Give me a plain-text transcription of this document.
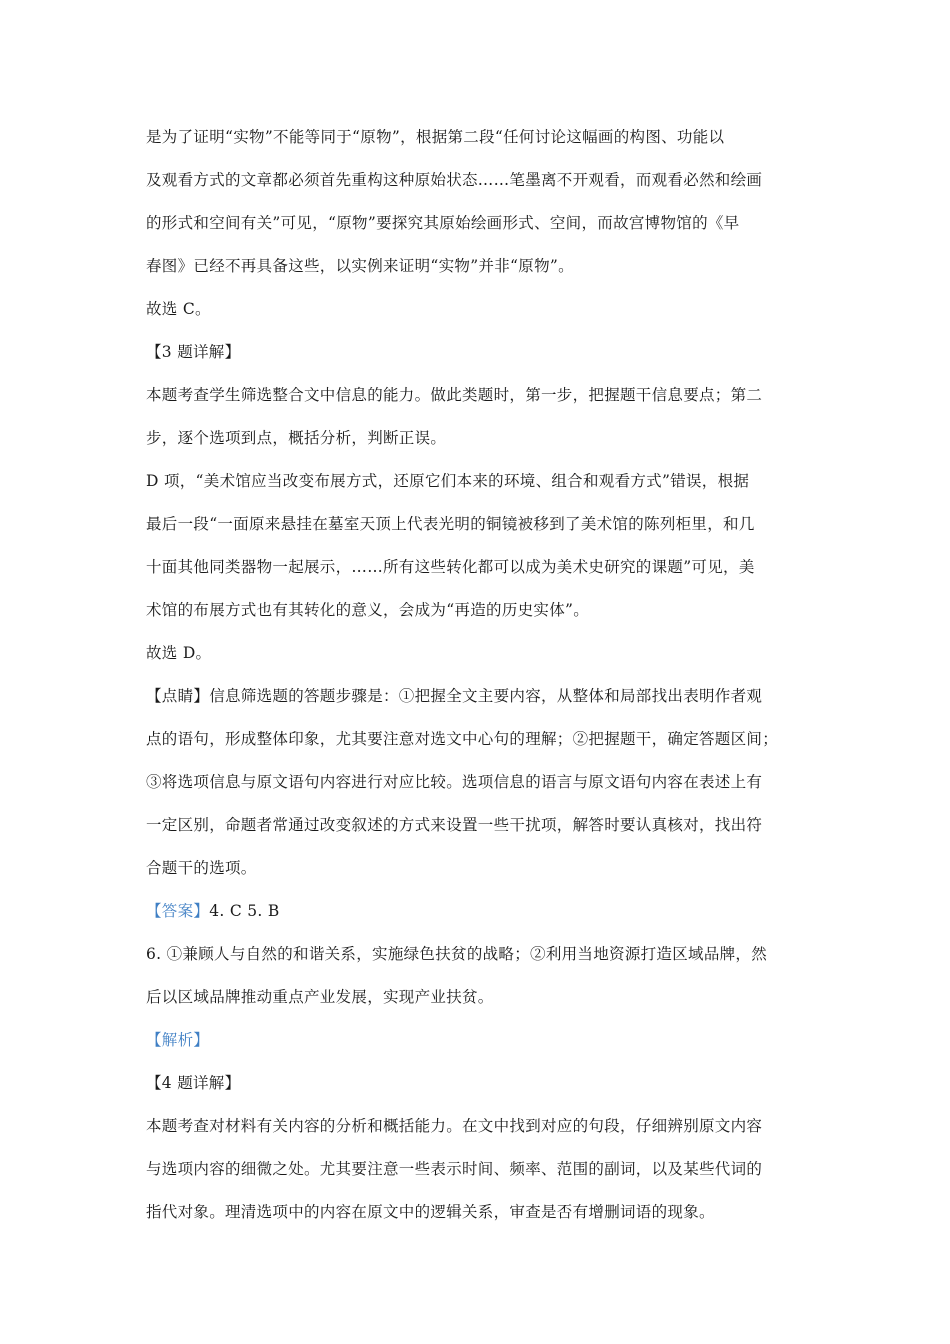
是为了证明“实物”不能等同于“原物”，根据第二段“任何讨论这幅画的构图、功能以
及观看方式的文章都必须首先重构这种原始状态……笔墨离不开观看，而观看必然和绘画
的形式和空间有关”可见，“原物”要探究其原始绘画形式、空间，而故宫博物馆的《早
春图》已经不再具备这些，以实例来证明“实物”并非“原物”。
故选 C。
【3 题详解】
本题考查学生筛选整合文中信息的能力。做此类题时，第一步，把握题干信息要点；第二
步，逐个选项到点，概括分析，判断正误。
D 项，“美术馆应当改变布展方式，还原它们本来的环境、组合和观看方式”错误，根据
最后一段“一面原来悬挂在墓室天顶上代表光明的铜镜被移到了美术馆的陈列柜里，和几
十面其他同类器物一起展示，……所有这些转化都可以成为美术史研究的课题”可见，美
术馆的布展方式也有其转化的意义，会成为“再造的历史实体”。
故选 D。
【点睛】信息筛选题的答题步骤是：①把握全文主要内容，从整体和局部找出表明作者观
点的语句，形成整体印象，尤其要注意对选文中心句的理解；②把握题干，确定答题区间；
③将选项信息与原文语句内容进行对应比较。选项信息的语言与原文语句内容在表述上有
一定区别，命题者常通过改变叙述的方式来设置一些干扰项，解答时要认真核对，找出符
合题干的选项。
【答案】4. C 5. B
6. ①兼顾人与自然的和谐关系，实施绿色扶贫的战略；②利用当地资源打造区域品牌，然
后以区域品牌推动重点产业发展，实现产业扶贫。
【解析】
【4 题详解】
本题考查对材料有关内容的分析和概括能力。在文中找到对应的句段，仔细辨别原文内容
与选项内容的细微之处。尤其要注意一些表示时间、频率、范围的副词，以及某些代词的
指代对象。理清选项中的内容在原文中的逻辑关系，审查是否有增删词语的现象。
